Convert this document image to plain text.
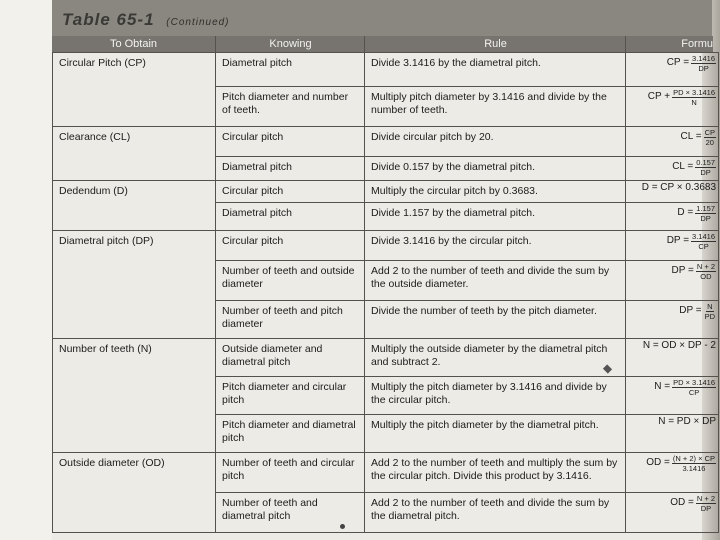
Table 65-1 (Continued)
To Obtain	Knowing	Rule	Formu
Circular Pitch (CP)	Diametral pitch	Divide 3.1416 by the diametral pitch.	CP = $\frac{3.1416}{DP}$

	Pitch diameter and number of teeth.	Multiply pitch diameter by 3.1416 and divide by the number of teeth.	CP + $\frac{PD \times 3.1416}{N}$

Clearance (CL)	Circular pitch	Divide circular pitch by 20.	CL = $\frac{CP}{20}$

	Diametral pitch	Divide 0.157 by the diametral pitch.	CL = $\frac{0.157}{DP}$

Dedendum (D)	Circular pitch	Multiply the circular pitch by 0.3683.	D = CP × 0.3683

	Diametral pitch	Divide 1.157 by the diametral pitch.	$D = \frac{1.157}{DP}$

Diametral pitch (DP)	Circular pitch	Divide 3.1416 by the circular pitch.	DP = $\frac{3.1416}{CP}$

	Number of teeth and outside diameter	Add 2 to the number of teeth and divide the sum by the outside diameter.	DP = $\frac{N + 2}{OD}$

	Number of teeth and pitch diameter	Divide the number of teeth by the pitch diameter.	DP = $\frac{N}{PD}$

Number of teeth (N)	Outside diameter and diametral pitch	Multiply the outside diameter by the diametral pitch and subtract 2.	N = OD × DP - 2

	Pitch diameter and circular pitch	Multiply the pitch diameter by 3.1416 and divide by the circular pitch.	$N = \frac{PD \times 3.1416}{CP}$

	Pitch diameter and diametral pitch	Multiply the pitch diameter by the diametral pitch.	N = PD × DP

Outside diameter (OD)	Number of teeth and circular pitch	Add 2 to the number of teeth and multiply the sum by the circular pitch. Divide this product by 3.1416.	OD = $\frac{(N + 2) \times CP}{3.1416}$

	Number of teeth and diametral pitch	Add 2 to the number of teeth and divide the sum by the diametral pitch.	OD = $\frac{N + 2}{DP}$
